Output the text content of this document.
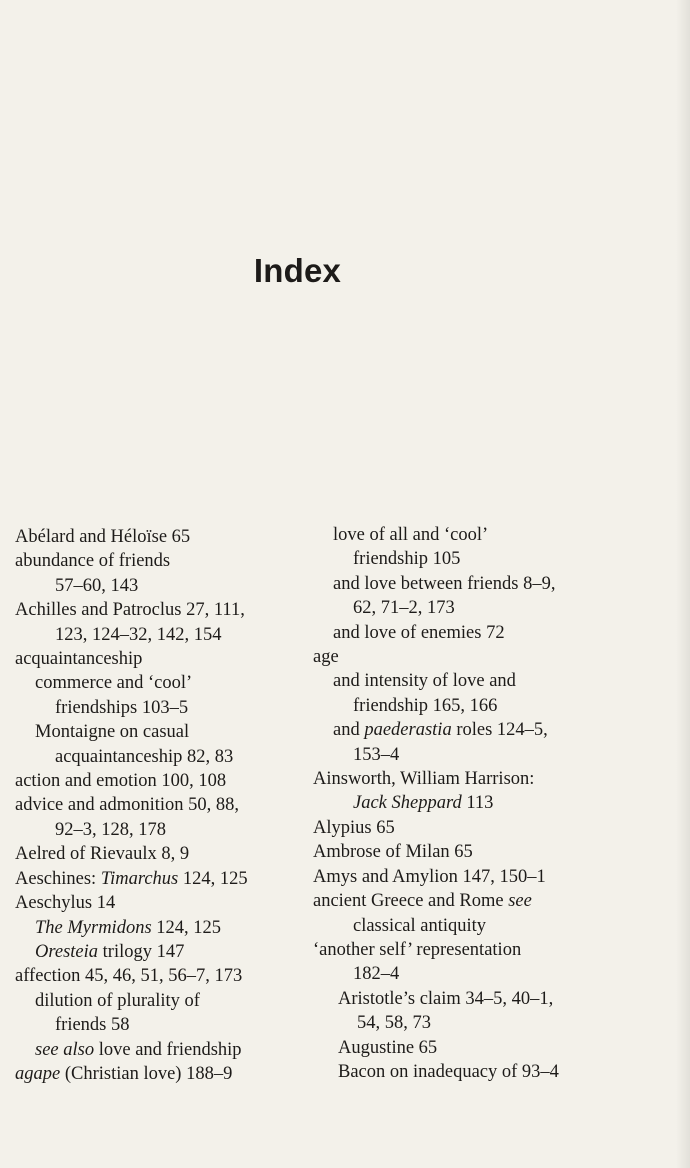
Index
Abélard and Héloïse 65
abundance of friends
57–60, 143
Achilles and Patroclus 27, 111,
123, 124–32, 142, 154
acquaintanceship
commerce and ‘cool’
friendships 103–5
Montaigne on casual
acquaintanceship 82, 83
action and emotion 100, 108
advice and admonition 50, 88,
92–3, 128, 178
Aelred of Rievaulx 8, 9
Aeschines: Timarchus 124, 125
Aeschylus 14
The Myrmidons 124, 125
Oresteia trilogy 147
affection 45, 46, 51, 56–7, 173
dilution of plurality of
friends 58
see also love and friendship
agape (Christian love) 188–9
love of all and ‘cool’
friendship 105
and love between friends 8–9,
62, 71–2, 173
and love of enemies 72
age
and intensity of love and
friendship 165, 166
and paederastia roles 124–5,
153–4
Ainsworth, William Harrison:
Jack Sheppard 113
Alypius 65
Ambrose of Milan 65
Amys and Amylion 147, 150–1
ancient Greece and Rome see
classical antiquity
‘another self’ representation
182–4
Aristotle’s claim 34–5, 40–1,
54, 58, 73
Augustine 65
Bacon on inadequacy of 93–4
